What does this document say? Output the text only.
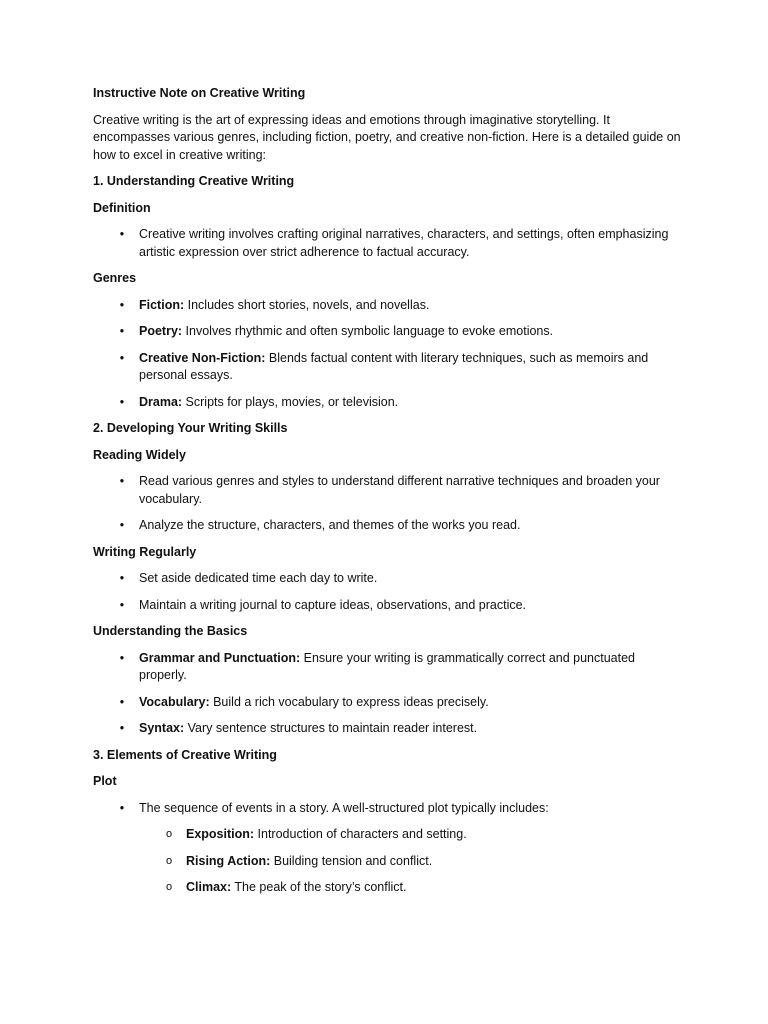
Instructive Note on Creative Writing

Creative writing is the art of expressing ideas and emotions through imaginative storytelling. It encompasses various genres, including fiction, poetry, and creative non-fiction. Here is a detailed guide on how to excel in creative writing:

1. Understanding Creative Writing

Definition

• Creative writing involves crafting original narratives, characters, and settings, often emphasizing artistic expression over strict adherence to factual accuracy.

Genres

• Fiction: Includes short stories, novels, and novellas.
• Poetry: Involves rhythmic and often symbolic language to evoke emotions.
• Creative Non-Fiction: Blends factual content with literary techniques, such as memoirs and personal essays.
• Drama: Scripts for plays, movies, or television.

2. Developing Your Writing Skills

Reading Widely

• Read various genres and styles to understand different narrative techniques and broaden your vocabulary.
• Analyze the structure, characters, and themes of the works you read.

Writing Regularly

• Set aside dedicated time each day to write.
• Maintain a writing journal to capture ideas, observations, and practice.

Understanding the Basics

• Grammar and Punctuation: Ensure your writing is grammatically correct and punctuated properly.
• Vocabulary: Build a rich vocabulary to express ideas precisely.
• Syntax: Vary sentence structures to maintain reader interest.

3. Elements of Creative Writing

Plot

• The sequence of events in a story. A well-structured plot typically includes:
o Exposition: Introduction of characters and setting.
o Rising Action: Building tension and conflict.
o Climax: The peak of the story’s conflict.
